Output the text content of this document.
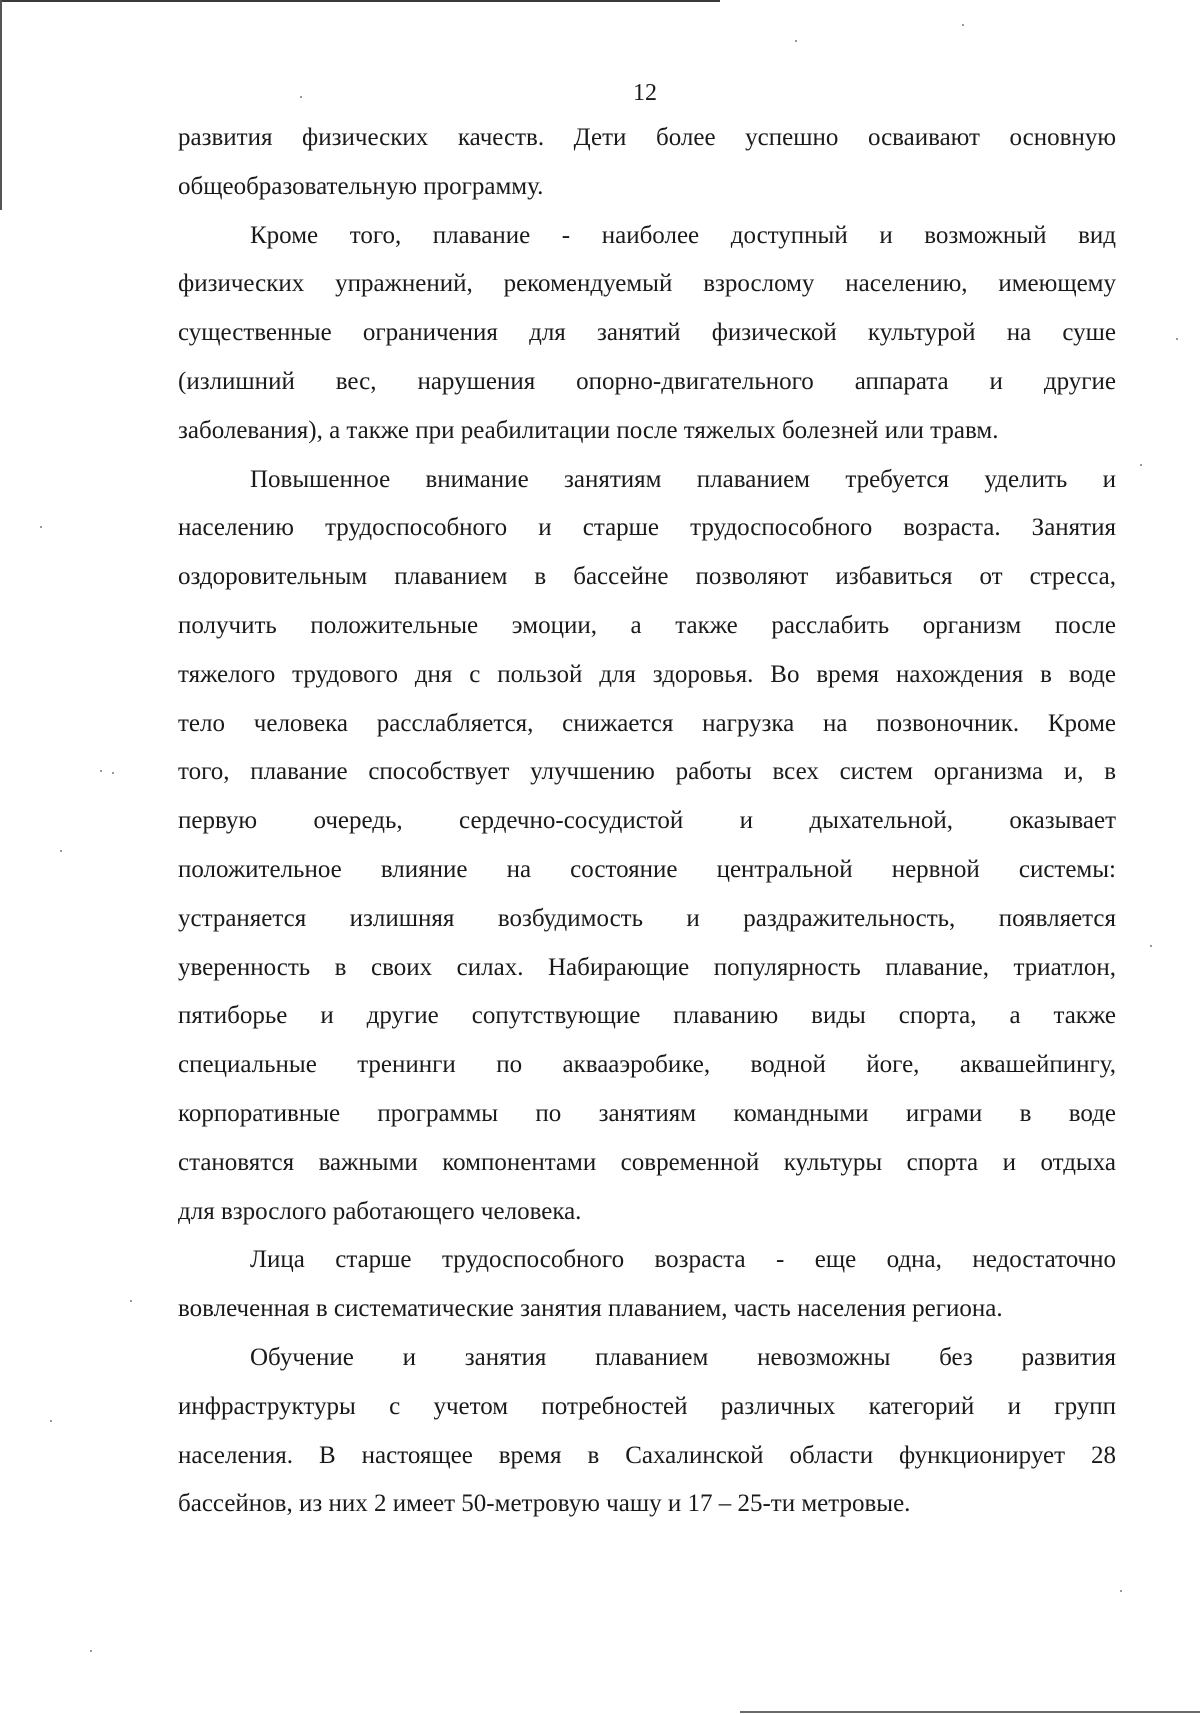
12

развития физических качеств. Дети более успешно осваивают основную
общеобразовательную программу.

Кроме того, плавание - наиболее доступный и возможный вид
физических упражнений, рекомендуемый взрослому населению, имеющему
существенные ограничения для занятий физической культурой на суше
(излишний вес, нарушения опорно-двигательного аппарата и другие
заболевания), а также при реабилитации после тяжелых болезней или травм.

Повышенное внимание занятиям плаванием требуется уделить и
населению трудоспособного и старше трудоспособного возраста. Занятия
оздоровительным плаванием в бассейне позволяют избавиться от стресса,
получить положительные эмоции, а также расслабить организм после
тяжелого трудового дня с пользой для здоровья. Во время нахождения в воде
тело человека расслабляется, снижается нагрузка на позвоночник. Кроме
того, плавание способствует улучшению работы всех систем организма и, в
первую очередь, сердечно-сосудистой и дыхательной, оказывает
положительное влияние на состояние центральной нервной системы:
устраняется излишняя возбудимость и раздражительность, появляется
уверенность в своих силах. Набирающие популярность плавание, триатлон,
пятиборье и другие сопутствующие плаванию виды спорта, а также
специальные тренинги по аквааэробике, водной йоге, аквашейпингу,
корпоративные программы по занятиям командными играми в воде
становятся важными компонентами современной культуры спорта и отдыха
для взрослого работающего человека.

Лица старше трудоспособного возраста - еще одна, недостаточно
вовлеченная в систематические занятия плаванием, часть населения региона.

Обучение и занятия плаванием невозможны без развития
инфраструктуры с учетом потребностей различных категорий и групп
населения. В настоящее время в Сахалинской области функционирует 28
бассейнов, из них 2 имеет 50-метровую чашу и 17 – 25-ти метровые.
